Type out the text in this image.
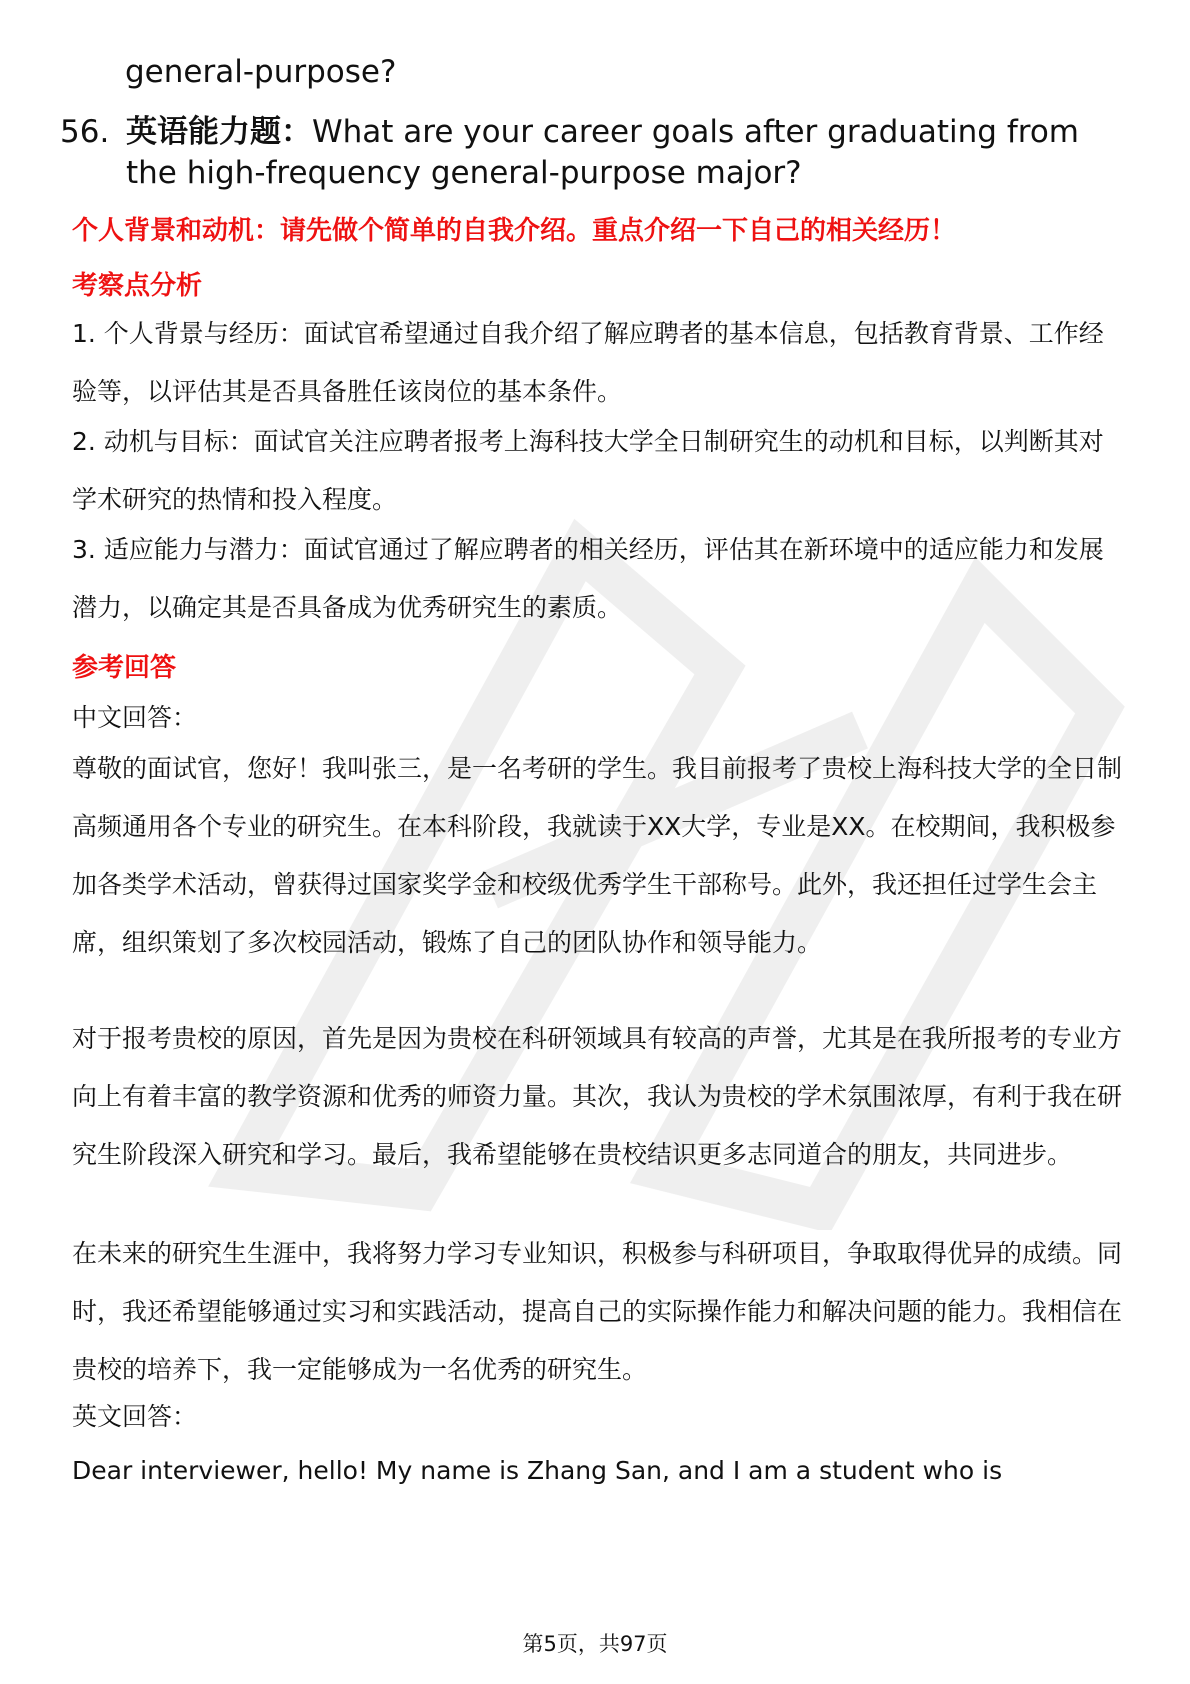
general-purpose?
56. 英语能力题：What are your career goals after graduating from the high-frequency general-purpose major?
个人背景和动机：请先做个简单的自我介绍。重点介绍一下自己的相关经历！
考察点分析
1. 个人背景与经历：面试官希望通过自我介绍了解应聘者的基本信息，包括教育背景、工作经验等，以评估其是否具备胜任该岗位的基本条件。
2. 动机与目标：面试官关注应聘者报考上海科技大学全日制研究生的动机和目标，以判断其对学术研究的热情和投入程度。
3. 适应能力与潜力：面试官通过了解应聘者的相关经历，评估其在新环境中的适应能力和发展潜力，以确定其是否具备成为优秀研究生的素质。
参考回答
中文回答：
尊敬的面试官，您好！我叫张三，是一名考研的学生。我目前报考了贵校上海科技大学的全日制高频通用各个专业的研究生。在本科阶段，我就读于XX大学，专业是XX。在校期间，我积极参加各类学术活动，曾获得过国家奖学金和校级优秀学生干部称号。此外，我还担任过学生会主席，组织策划了多次校园活动，锻炼了自己的团队协作和领导能力。
对于报考贵校的原因，首先是因为贵校在科研领域具有较高的声誉，尤其是在我所报考的专业方向上有着丰富的教学资源和优秀的师资力量。其次，我认为贵校的学术氛围浓厚，有利于我在研究生阶段深入研究和学习。最后，我希望能够在贵校结识更多志同道合的朋友，共同进步。
在未来的研究生生涯中，我将努力学习专业知识，积极参与科研项目，争取取得优异的成绩。同时，我还希望能够通过实习和实践活动，提高自己的实际操作能力和解决问题的能力。我相信在贵校的培养下，我一定能够成为一名优秀的研究生。
英文回答：
Dear interviewer, hello! My name is Zhang San, and I am a student who is
第5页，共97页
